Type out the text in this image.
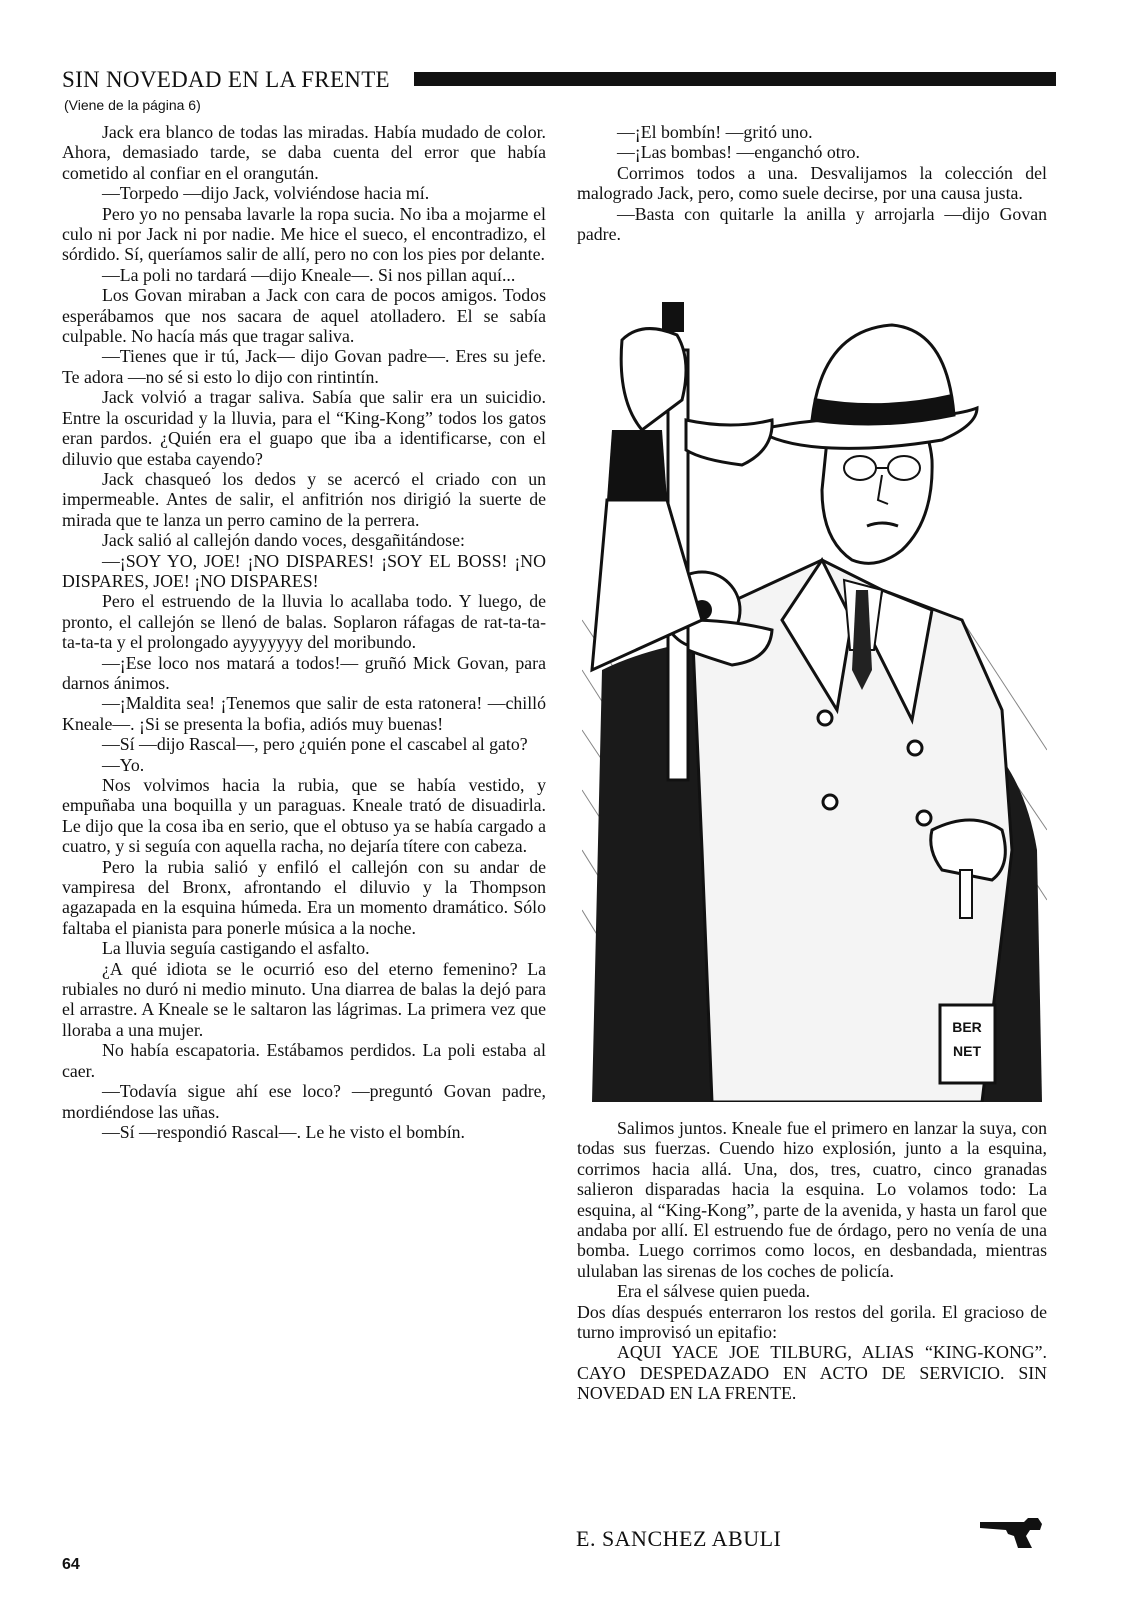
SIN NOVEDAD EN LA FRENTE
(Viene de la página 6)

Jack era blanco de todas las miradas. Había mudado de color. Ahora, demasiado tarde, se daba cuenta del error que había cometido al confiar en el orangután.

—Torpedo —dijo Jack, volviéndose hacia mí.

Pero yo no pensaba lavarle la ropa sucia. No iba a mojarme el culo ni por Jack ni por nadie. Me hice el sueco, el encontradizo, el sórdido. Sí, queríamos salir de allí, pero no con los pies por delante.

—La poli no tardará —dijo Kneale—. Si nos pillan aquí...

Los Govan miraban a Jack con cara de pocos amigos. Todos esperábamos que nos sacara de aquel atolladero. El se sabía culpable. No hacía más que tragar saliva.

—Tienes que ir tú, Jack— dijo Govan padre—. Eres su jefe. Te adora —no sé si esto lo dijo con rintintín.

Jack volvió a tragar saliva. Sabía que salir era un suicidio. Entre la oscuridad y la lluvia, para el “King-Kong” todos los gatos eran pardos. ¿Quién era el guapo que iba a identificarse, con el diluvio que estaba cayendo?

Jack chasqueó los dedos y se acercó el criado con un impermeable. Antes de salir, el anfitrión nos dirigió la suerte de mirada que te lanza un perro camino de la perrera.

Jack salió al callejón dando voces, desgañitándose:

—¡SOY YO, JOE! ¡NO DISPARES! ¡SOY EL BOSS! ¡NO DISPARES, JOE! ¡NO DISPARES!

Pero el estruendo de la lluvia lo acallaba todo. Y luego, de pronto, el callejón se llenó de balas. Soplaron ráfagas de rat-ta-ta-ta-ta-ta y el prolongado ayyyyyyy del moribundo.

—¡Ese loco nos matará a todos!— gruñó Mick Govan, para darnos ánimos.

—¡Maldita sea! ¡Tenemos que salir de esta ratonera! —chilló Kneale—. ¡Si se presenta la bofia, adiós muy buenas!

—Sí —dijo Rascal—, pero ¿quién pone el cascabel al gato?

—Yo.

Nos volvimos hacia la rubia, que se había vestido, y empuñaba una boquilla y un paraguas. Kneale trató de disuadirla. Le dijo que la cosa iba en serio, que el obtuso ya se había cargado a cuatro, y si seguía con aquella racha, no dejaría títere con cabeza.

Pero la rubia salió y enfiló el callejón con su andar de vampiresa del Bronx, afrontando el diluvio y la Thompson agazapada en la esquina húmeda. Era un momento dramático. Sólo faltaba el pianista para ponerle música a la noche.

La lluvia seguía castigando el asfalto.

¿A qué idiota se le ocurrió eso del eterno femenino? La rubiales no duró ni medio minuto. Una diarrea de balas la dejó para el arrastre. A Kneale se le saltaron las lágrimas. La primera vez que lloraba a una mujer.

No había escapatoria. Estábamos perdidos. La poli estaba al caer.

—Todavía sigue ahí ese loco? —preguntó Govan padre, mordiéndose las uñas.

—Sí —respondió Rascal—. Le he visto el bombín.

—¡El bombín! —gritó uno.

—¡Las bombas! —enganchó otro.

Corrimos todos a una. Desvalijamos la colección del malogrado Jack, pero, como suele decirse, por una causa justa.

—Basta con quitarle la anilla y arrojarla —dijo Govan padre.

BER
NET

Salimos juntos. Kneale fue el primero en lanzar la suya, con todas sus fuerzas. Cuendo hizo explosión, junto a la esquina, corrimos hacia allá. Una, dos, tres, cuatro, cinco granadas salieron disparadas hacia la esquina. Lo volamos todo: La esquina, al “King-Kong”, parte de la avenida, y hasta un farol que andaba por allí. El estruendo fue de órdago, pero no venía de una bomba. Luego corrimos como locos, en desbandada, mientras ululaban las sirenas de los coches de policía.

Era el sálvese quien pueda.

Dos días después enterraron los restos del gorila. El gracioso de turno improvisó un epitafio:

AQUI YACE JOE TILBURG, ALIAS “KING-KONG”. CAYO DESPEDAZADO EN ACTO DE SERVICIO. SIN NOVEDAD EN LA FRENTE.

E. SANCHEZ ABULI
64
